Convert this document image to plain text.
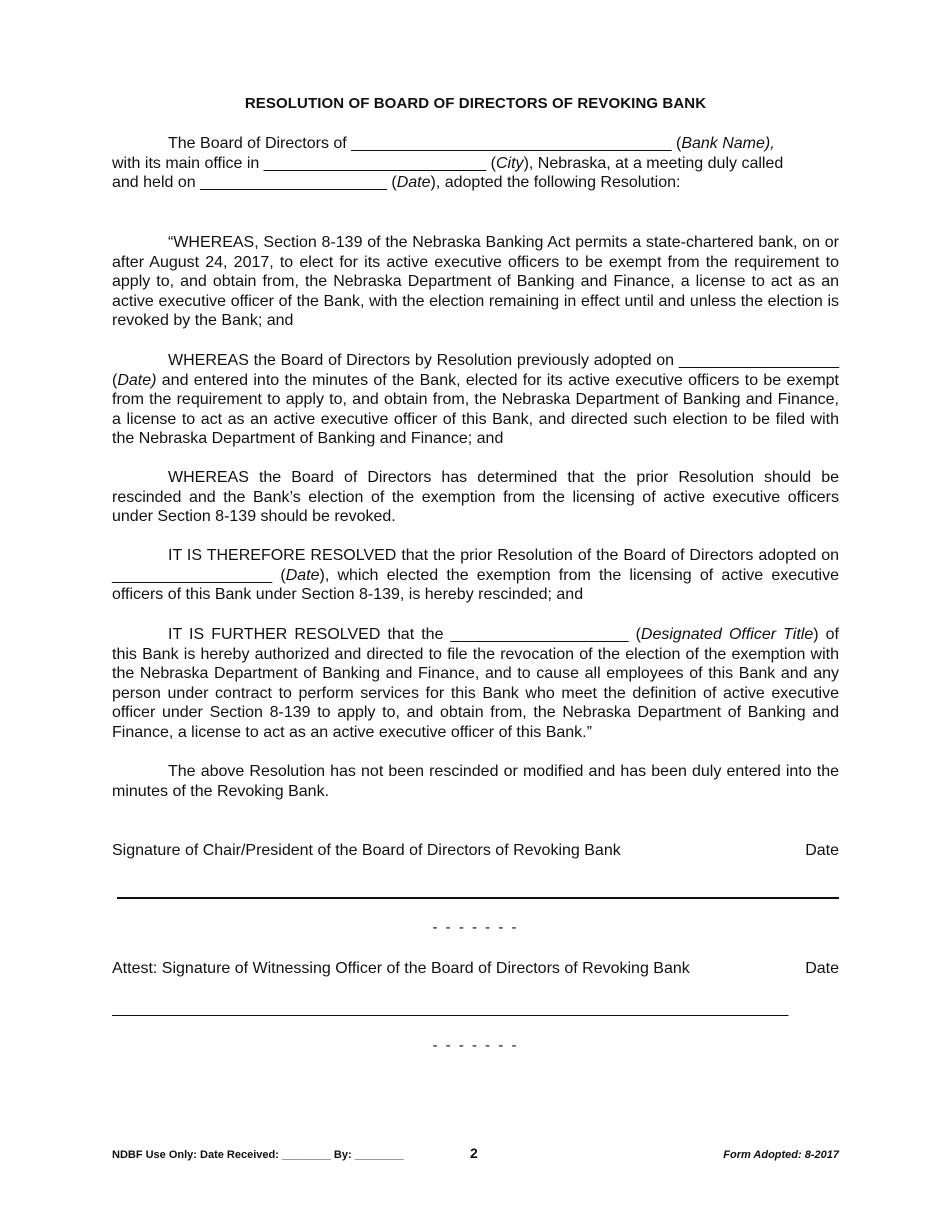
RESOLUTION OF BOARD OF DIRECTORS OF REVOKING BANK
The Board of Directors of ____________________________________ (Bank Name),
with its main office in _________________________ (City), Nebraska, at a meeting duly called
and held on _____________________ (Date), adopted the following Resolution:
“WHEREAS, Section 8-139 of the Nebraska Banking Act permits a state-chartered bank, on or after August 24, 2017, to elect for its active executive officers to be exempt from the requirement to apply to, and obtain from, the Nebraska Department of Banking and Finance, a license to act as an active executive officer of the Bank, with the election remaining in effect until and unless the election is revoked by the Bank; and
WHEREAS the Board of Directors by Resolution previously adopted on __________________ (Date) and entered into the minutes of the Bank, elected for its active executive officers to be exempt from the requirement to apply to, and obtain from, the Nebraska Department of Banking and Finance, a license to act as an active executive officer of this Bank, and directed such election to be filed with the Nebraska Department of Banking and Finance; and
WHEREAS the Board of Directors has determined that the prior Resolution should be rescinded and the Bank’s election of the exemption from the licensing of active executive officers under Section 8-139 should be revoked.
IT IS THEREFORE RESOLVED that the prior Resolution of the Board of Directors adopted on __________________ (Date), which elected the exemption from the licensing of active executive officers of this Bank under Section 8-139, is hereby rescinded; and
IT IS FURTHER RESOLVED that the ____________________ (Designated Officer Title) of this Bank is hereby authorized and directed to file the revocation of the election of the exemption with the Nebraska Department of Banking and Finance, and to cause all employees of this Bank and any person under contract to perform services for this Bank who meet the definition of active executive officer under Section 8-139 to apply to, and obtain from, the Nebraska Department of Banking and Finance, a license to act as an active executive officer of this Bank.”
The above Resolution has not been rescinded or modified and has been duly entered into the minutes of the Revoking Bank.
Signature of Chair/President of the Board of Directors of Revoking Bank	Date
- - - - - - -
Attest: Signature of Witnessing Officer of the Board of Directors of Revoking Bank	Date
____________________________________________________________________________
- - - - - - -
NDBF Use Only: Date Received: ________ By: ________	2	Form Adopted: 8-2017
